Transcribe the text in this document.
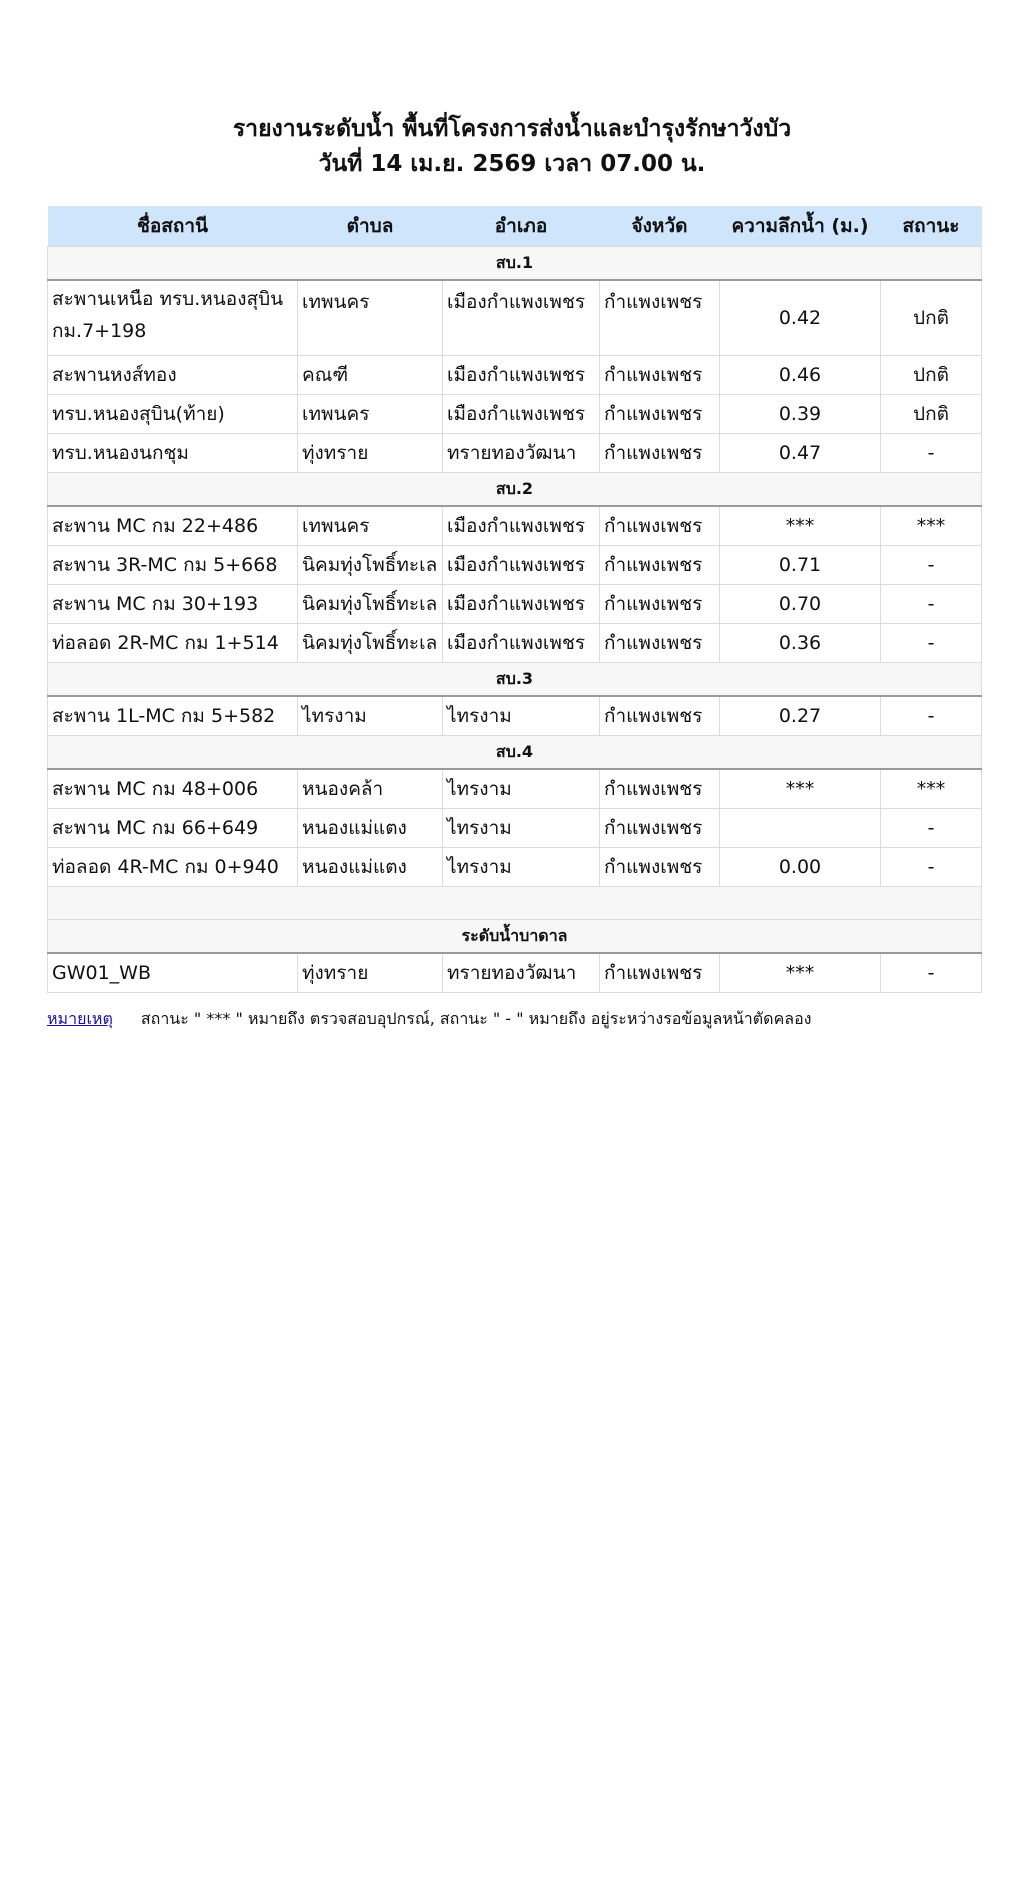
รายงานระดับน้ำ พื้นที่โครงการส่งน้ำและบำรุงรักษาวังบัว
วันที่ 14 เม.ย. 2569 เวลา 07.00 น.
ชื่อสถานี	ตำบล	อำเภอ	จังหวัด	ความลึกน้ำ (ม.)	สถานะ
สบ.1					
สะพานเหนือ ทรบ.หนองสุบิน กม.7+198	เทพนคร	เมืองกำแพงเพชร	กำแพงเพชร	0.42	ปกติ
สะพานหงส์ทอง	คณฑี	เมืองกำแพงเพชร	กำแพงเพชร	0.46	ปกติ
ทรบ.หนองสุบิน(ท้าย)	เทพนคร	เมืองกำแพงเพชร	กำแพงเพชร	0.39	ปกติ
ทรบ.หนองนกชุม	ทุ่งทราย	ทรายทองวัฒนา	กำแพงเพชร	0.47	-
สบ.2					
สะพาน MC กม 22+486	เทพนคร	เมืองกำแพงเพชร	กำแพงเพชร	***	***
สะพาน 3R-MC กม 5+668	นิคมทุ่งโพธิ์ทะเล	เมืองกำแพงเพชร	กำแพงเพชร	0.71	-
สะพาน MC กม 30+193	นิคมทุ่งโพธิ์ทะเล	เมืองกำแพงเพชร	กำแพงเพชร	0.70	-
ท่อลอด 2R-MC กม 1+514	นิคมทุ่งโพธิ์ทะเล	เมืองกำแพงเพชร	กำแพงเพชร	0.36	-
สบ.3					
สะพาน 1L-MC กม 5+582	ไทรงาม	ไทรงาม	กำแพงเพชร	0.27	-
สบ.4					
สะพาน MC กม 48+006	หนองคล้า	ไทรงาม	กำแพงเพชร	***	***
สะพาน MC กม 66+649	หนองแม่แตง	ไทรงาม	กำแพงเพชร		-
ท่อลอด 4R-MC กม 0+940	หนองแม่แตง	ไทรงาม	กำแพงเพชร	0.00	-

ระดับน้ำบาดาล					
GW01_WB	ทุ่งทราย	ทรายทองวัฒนา	กำแพงเพชร	***	-
หมายเหตุ สถานะ " *** " หมายถึง ตรวจสอบอุปกรณ์, สถานะ " - " หมายถึง อยู่ระหว่างรอข้อมูลหน้าตัดคลอง
